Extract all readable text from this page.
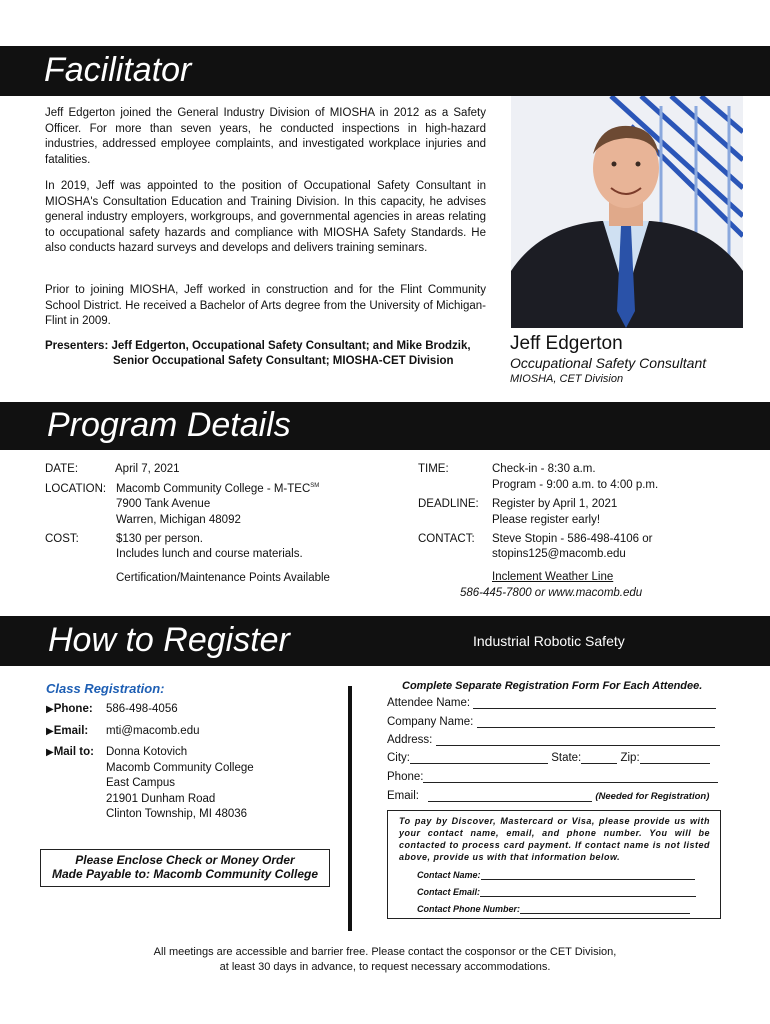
Facilitator
Jeff Edgerton joined the General Industry Division of MIOSHA in 2012 as a Safety Officer. For more than seven years, he conducted inspections in high-hazard industries, addressed employee complaints, and investigated workplace injuries and fatalities.
In 2019, Jeff was appointed to the position of Occupational Safety Consultant in MIOSHA's Consultation Education and Training Division. In this capacity, he advises general industry employers, workgroups, and governmental agencies in areas relating to occupational safety hazards and compliance with MIOSHA Safety Standards. He also conducts hazard surveys and develops and delivers training seminars.
Prior to joining MIOSHA, Jeff worked in construction and for the Flint Community School District. He received a Bachelor of Arts degree from the University of Michigan-Flint in 2009.
Presenters: Jeff Edgerton, Occupational Safety Consultant; and Mike Brodzik,
Senior Occupational Safety Consultant; MIOSHA-CET Division
Jeff Edgerton
Occupational Safety Consultant
MIOSHA, CET Division
Program Details
DATE:	April 7, 2021
LOCATION: Macomb Community College - M-TEC℠
7900 Tank Avenue
Warren, Michigan 48092
COST:	$130 per person.
Includes lunch and course materials.
Certification/Maintenance Points Available
TIME:	Check-in - 8:30 a.m.
Program - 9:00 a.m. to 4:00 p.m.
DEADLINE: Register by April 1, 2021
Please register early!
CONTACT: Steve Stopin - 586-498-4106 or
stopins125@macomb.edu
Inclement Weather Line
586-445-7800 or www.macomb.edu
How to Register	Industrial Robotic Safety
Class Registration:
▶Phone: 586-498-4056
▶Email: mti@macomb.edu
▶Mail to: Donna Kotovich
Macomb Community College
East Campus
21901 Dunham Road
Clinton Township, MI 48036
Please Enclose Check or Money Order
Made Payable to: Macomb Community College
Complete Separate Registration Form For Each Attendee.
Attendee Name:
Company Name:
Address:
City:	State:	Zip:
Phone:
Email:	(Needed for Registration)
To pay by Discover, Mastercard or Visa, please provide us with your contact name, email, and phone number. You will be contacted to process card payment. If contact name is not listed above, provide us with that information below.
Contact Name:
Contact Email:
Contact Phone Number:
All meetings are accessible and barrier free. Please contact the cosponsor or the CET Division,
at least 30 days in advance, to request necessary accommodations.
